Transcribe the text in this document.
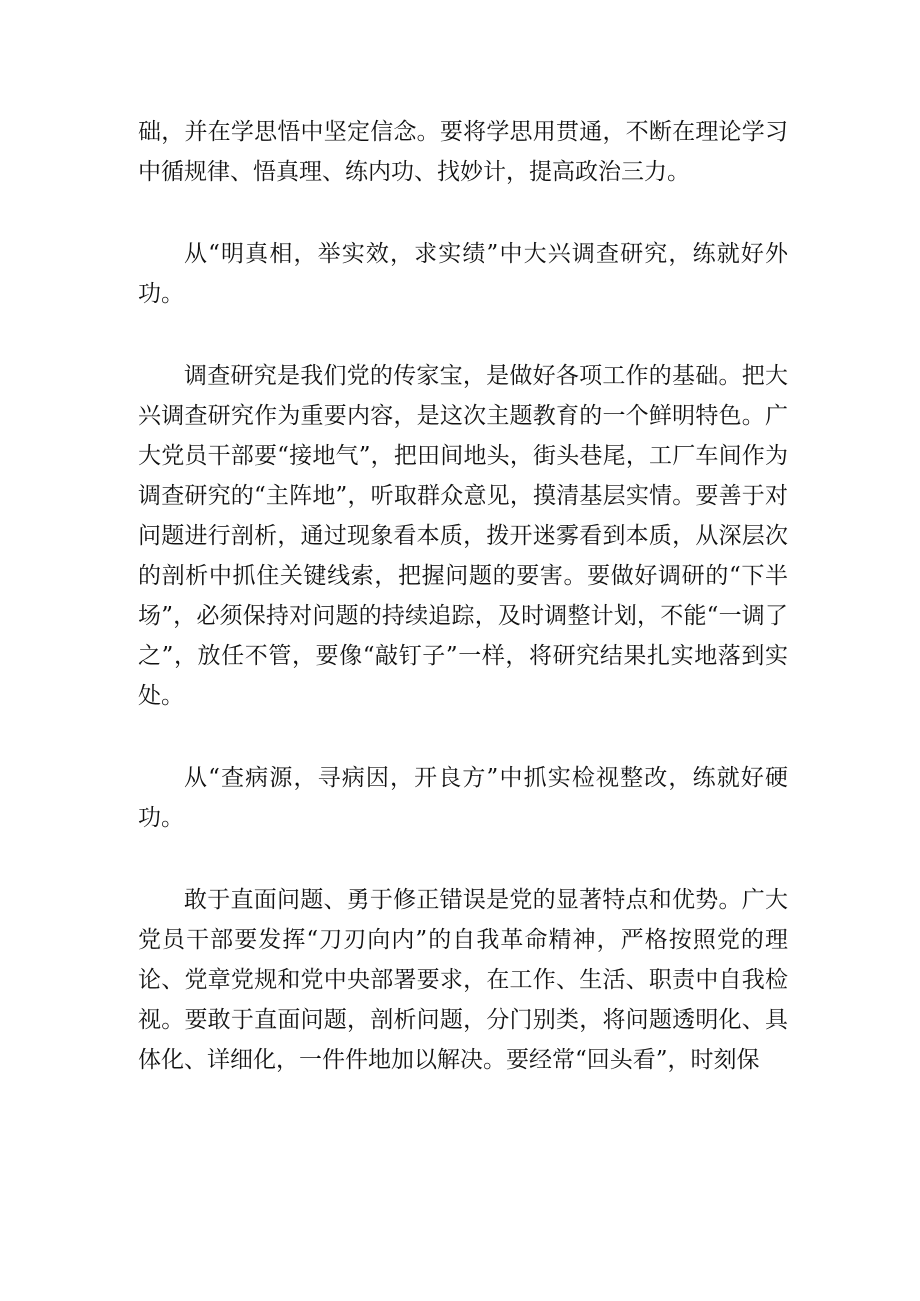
础，并在学思悟中坚定信念。要将学思用贯通，不断在理论学习中循规律、悟真理、练内功、找妙计，提高政治三力。

从“明真相，举实效，求实绩”中大兴调查研究，练就好外功。

调查研究是我们党的传家宝，是做好各项工作的基础。把大兴调查研究作为重要内容，是这次主题教育的一个鲜明特色。广大党员干部要“接地气”，把田间地头，街头巷尾，工厂车间作为调查研究的“主阵地”，听取群众意见，摸清基层实情。要善于对问题进行剖析，通过现象看本质，拨开迷雾看到本质，从深层次的剖析中抓住关键线索，把握问题的要害。要做好调研的“下半场”，必须保持对问题的持续追踪，及时调整计划，不能“一调了之”，放任不管，要像“敲钉子”一样，将研究结果扎实地落到实处。

从“查病源，寻病因，开良方”中抓实检视整改，练就好硬功。

敢于直面问题、勇于修正错误是党的显著特点和优势。广大党员干部要发挥“刀刃向内”的自我革命精神，严格按照党的理论、党章党规和党中央部署要求，在工作、生活、职责中自我检视。要敢于直面问题，剖析问题，分门别类，将问题透明化、具体化、详细化，一件件地加以解决。要经常“回头看”，时刻保
